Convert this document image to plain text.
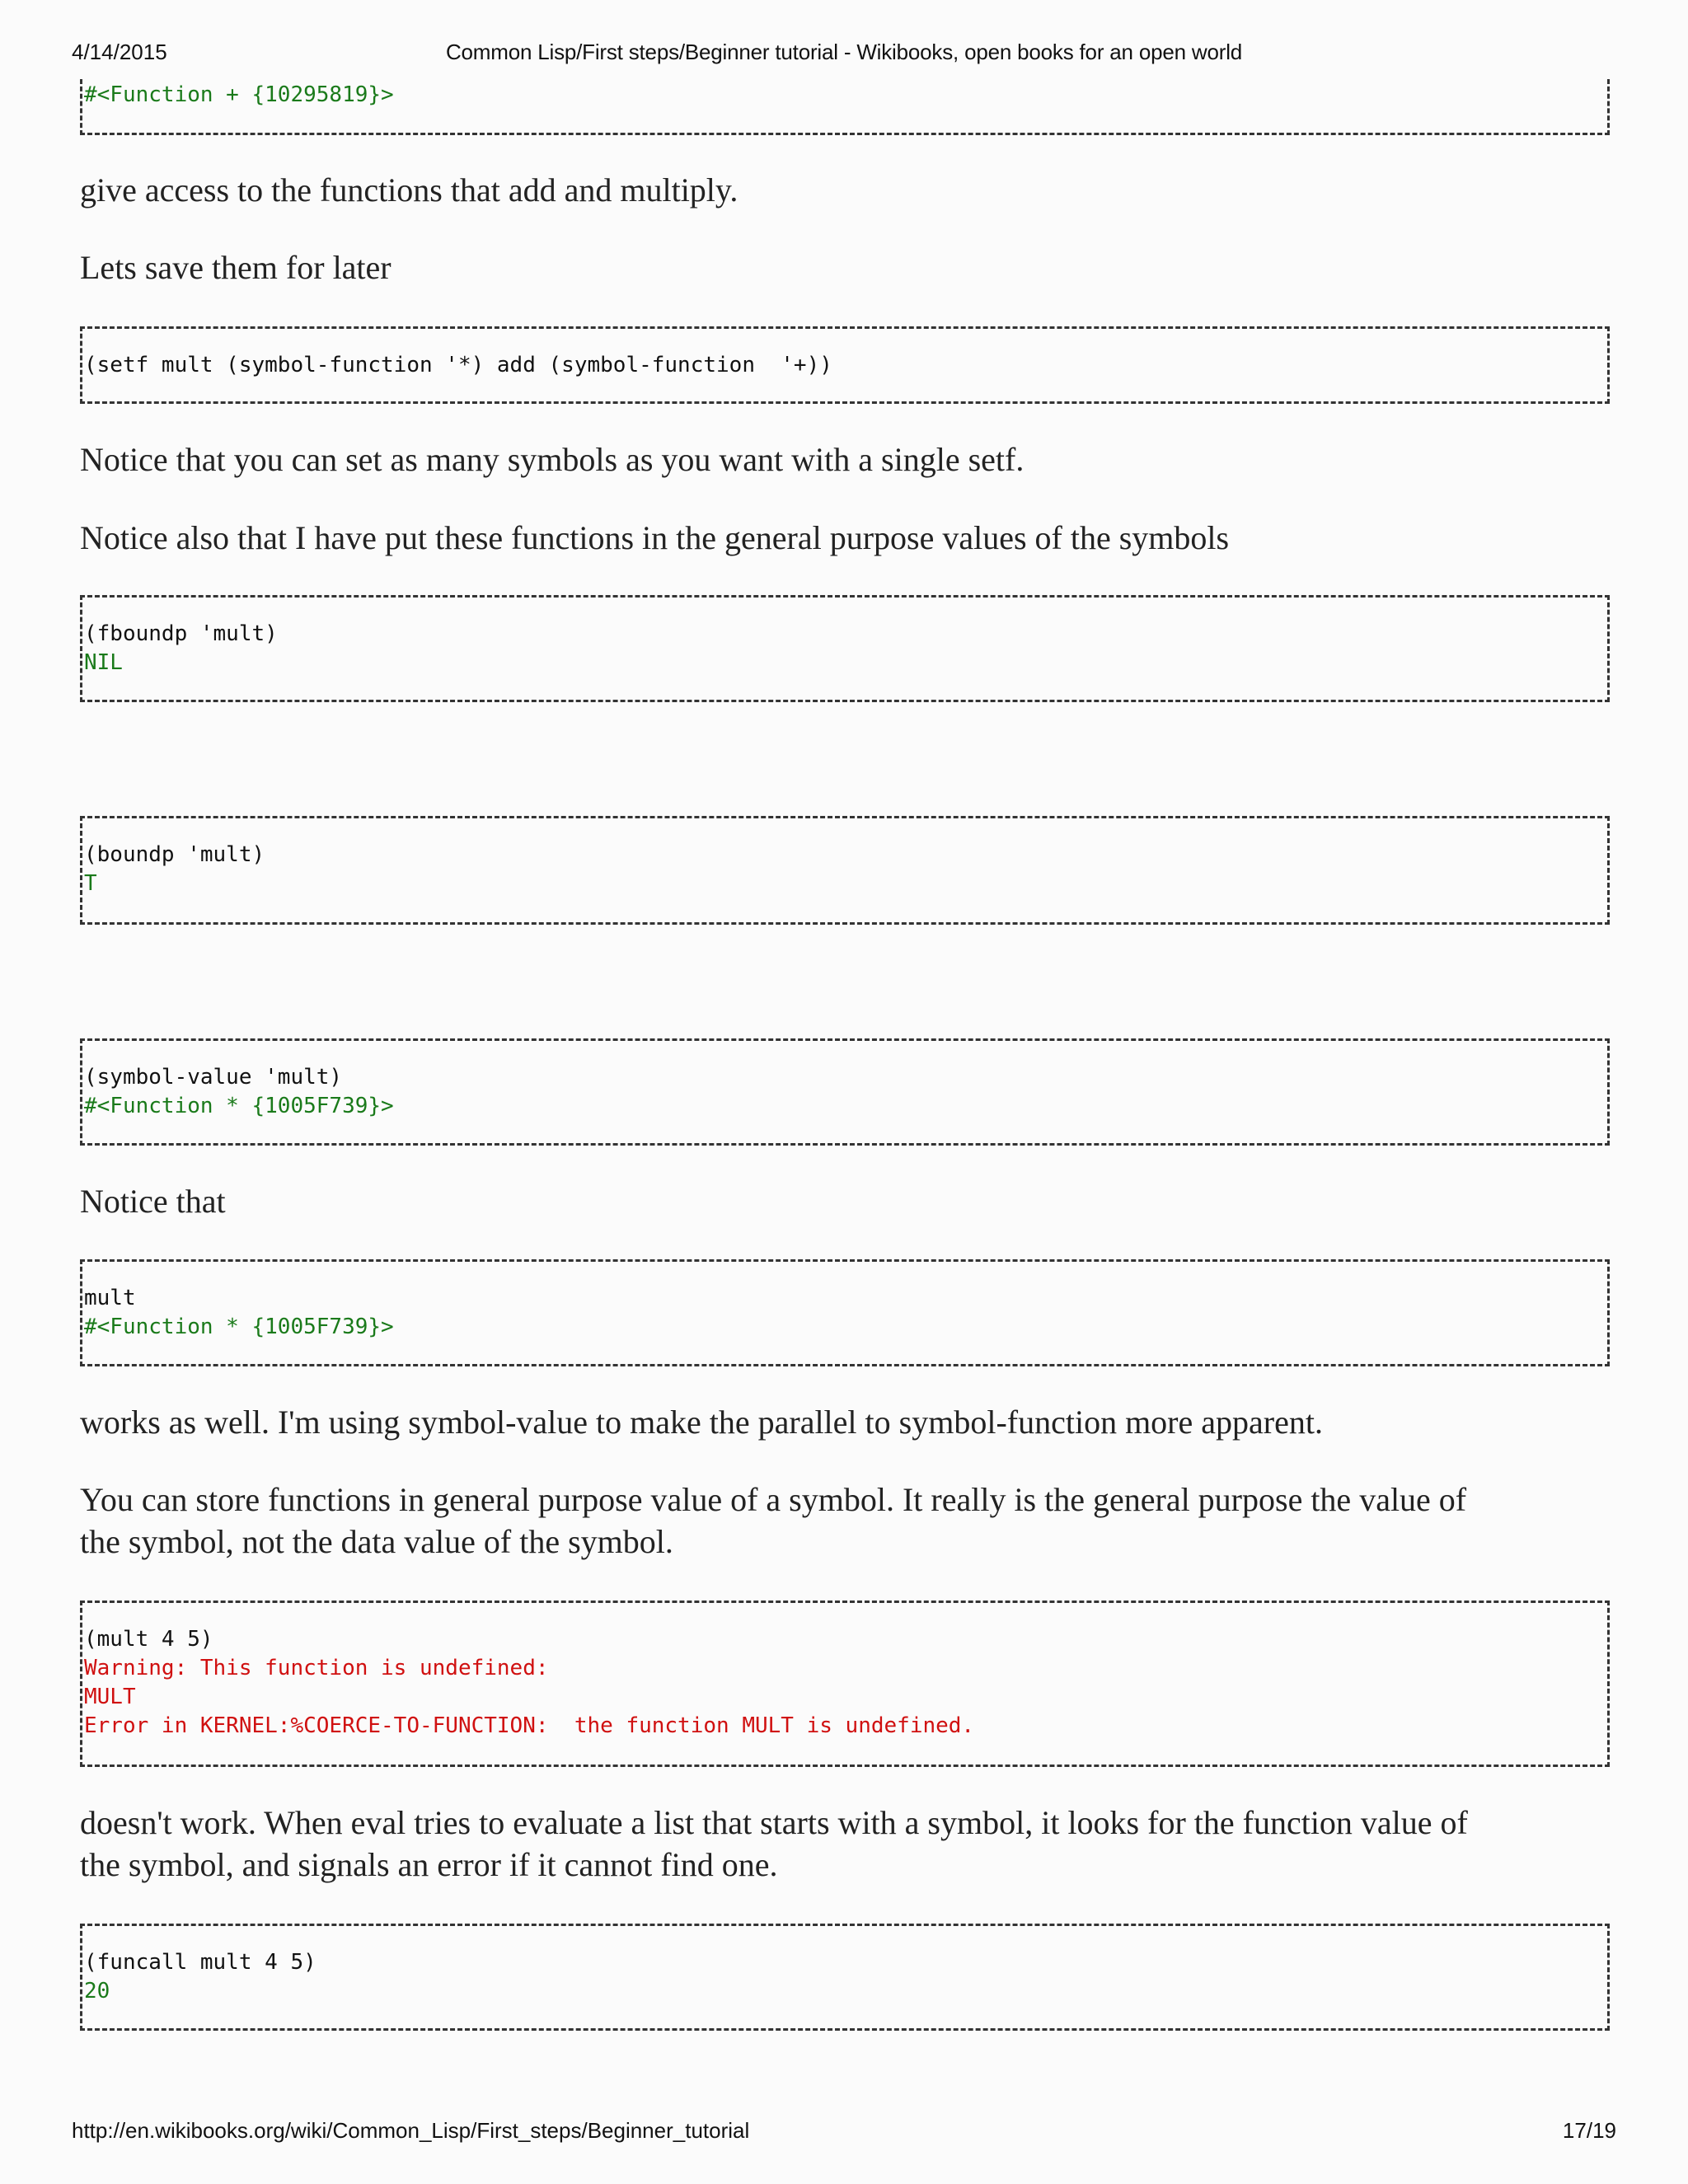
4/14/2015	Common Lisp/First steps/Beginner tutorial - Wikibooks, open books for an open world
#<Function + {10295819}>

give access to the functions that add and multiply.

Lets save them for later

(setf mult (symbol-function '*) add (symbol-function  '+))

Notice that you can set as many symbols as you want with a single setf.

Notice also that I have put these functions in the general purpose values of the symbols

(fboundp 'mult)
NIL
(boundp 'mult)
T
(symbol-value 'mult)
#<Function * {1005F739}>

Notice that

mult
#<Function * {1005F739}>

works as well. I'm using symbol-value to make the parallel to symbol-function more apparent.

You can store functions in general purpose value of a symbol. It really is the general purpose the value of
the symbol, not the data value of the symbol.
(mult 4 5)
Warning: This function is undefined:
MULT
Error in KERNEL:%COERCE-TO-FUNCTION:  the function MULT is undefined.
doesn't work. When eval tries to evaluate a list that starts with a symbol, it looks for the function value of
the symbol, and signals an error if it cannot find one.
(funcall mult 4 5)
20
http://en.wikibooks.org/wiki/Common_Lisp/First_steps/Beginner_tutorial	17/19
